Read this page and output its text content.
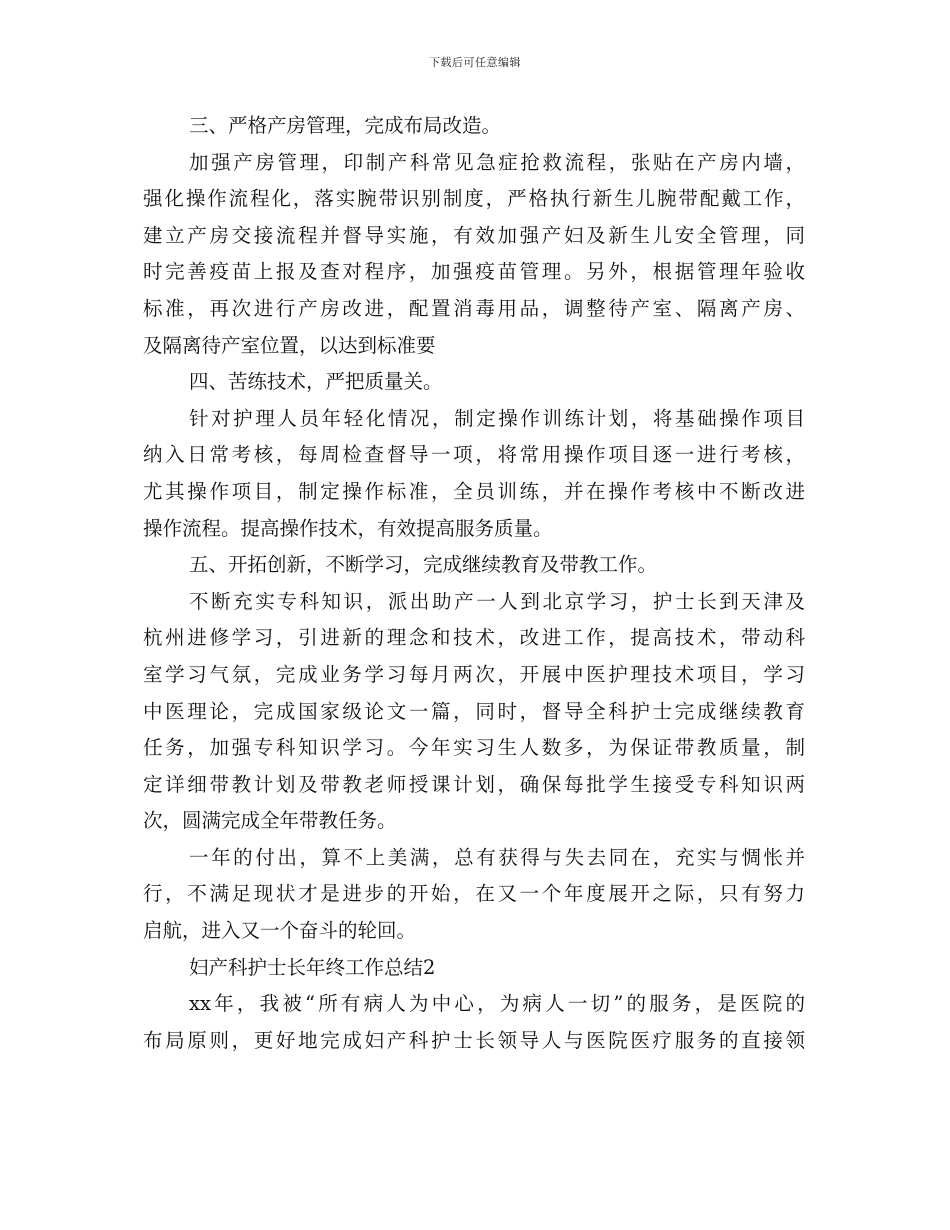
下载后可任意编辑
三、严格产房管理，完成布局改造。
加强产房管理，印制产科常见急症抢救流程，张贴在产房内墙，
强化操作流程化，落实腕带识别制度，严格执行新生儿腕带配戴工作，
建立产房交接流程并督导实施，有效加强产妇及新生儿安全管理，同
时完善疫苗上报及查对程序，加强疫苗管理。另外，根据管理年验收
标准，再次进行产房改进，配置消毒用品，调整待产室、隔离产房、
及隔离待产室位置，以达到标准要
四、苦练技术，严把质量关。
针对护理人员年轻化情况，制定操作训练计划，将基础操作项目
纳入日常考核，每周检查督导一项，将常用操作项目逐一进行考核，
尤其操作项目，制定操作标准，全员训练，并在操作考核中不断改进
操作流程。提高操作技术，有效提高服务质量。
五、开拓创新，不断学习，完成继续教育及带教工作。
不断充实专科知识，派出助产一人到北京学习，护士长到天津及
杭州进修学习，引进新的理念和技术，改进工作，提高技术，带动科
室学习气氛，完成业务学习每月两次，开展中医护理技术项目，学习
中医理论，完成国家级论文一篇，同时，督导全科护士完成继续教育
任务，加强专科知识学习。今年实习生人数多，为保证带教质量，制
定详细带教计划及带教老师授课计划，确保每批学生接受专科知识两
次，圆满完成全年带教任务。
一年的付出，算不上美满，总有获得与失去同在，充实与惆怅并
行，不满足现状才是进步的开始，在又一个年度展开之际，只有努力
启航，进入又一个奋斗的轮回。
妇产科护士长年终工作总结2
xx年，我被“所有病人为中心，为病人一切”的服务，是医院的
布局原则，更好地完成妇产科护士长领导人与医院医疗服务的直接领
